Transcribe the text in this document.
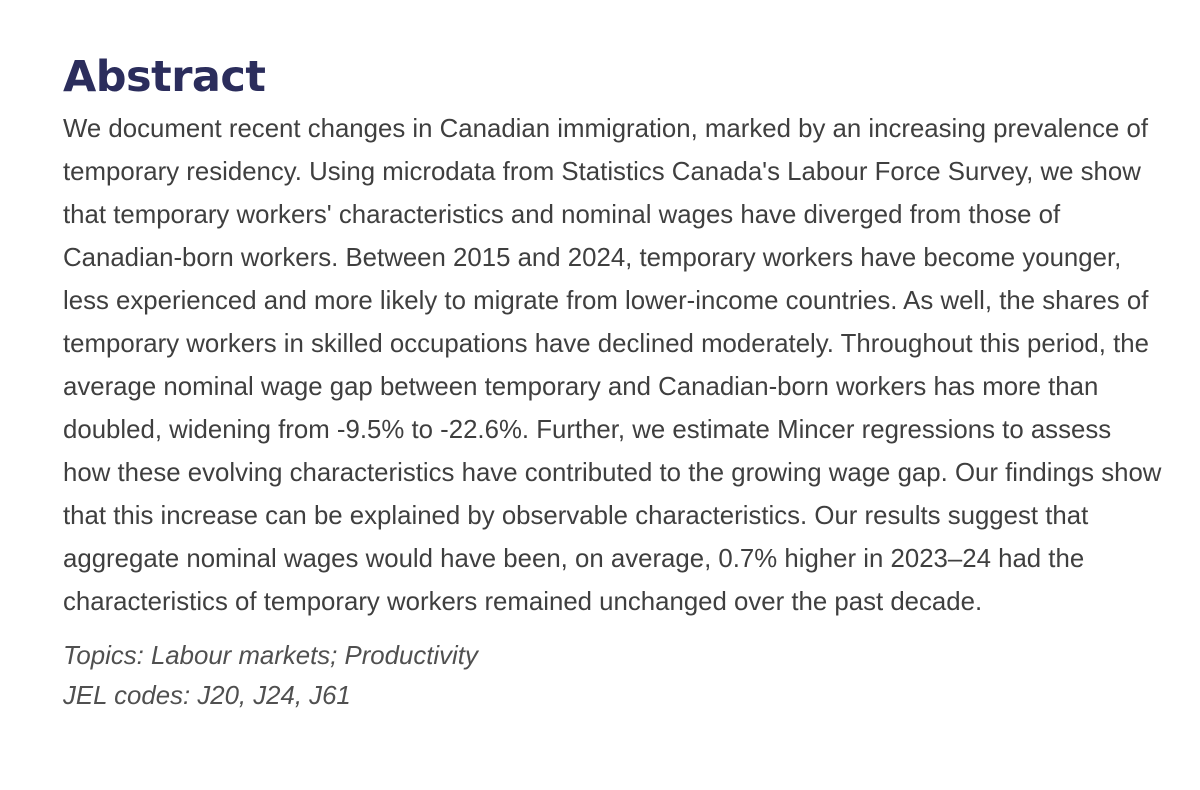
Abstract

We document recent changes in Canadian immigration, marked by an increasing prevalence of temporary residency. Using microdata from Statistics Canada's Labour Force Survey, we show that temporary workers' characteristics and nominal wages have diverged from those of Canadian-born workers. Between 2015 and 2024, temporary workers have become younger, less experienced and more likely to migrate from lower-income countries. As well, the shares of temporary workers in skilled occupations have declined moderately. Throughout this period, the average nominal wage gap between temporary and Canadian-born workers has more than doubled, widening from -9.5% to -22.6%. Further, we estimate Mincer regressions to assess how these evolving characteristics have contributed to the growing wage gap. Our findings show that this increase can be explained by observable characteristics. Our results suggest that aggregate nominal wages would have been, on average, 0.7% higher in 2023–24 had the characteristics of temporary workers remained unchanged over the past decade.

Topics: Labour markets; Productivity
JEL codes: J20, J24, J61
